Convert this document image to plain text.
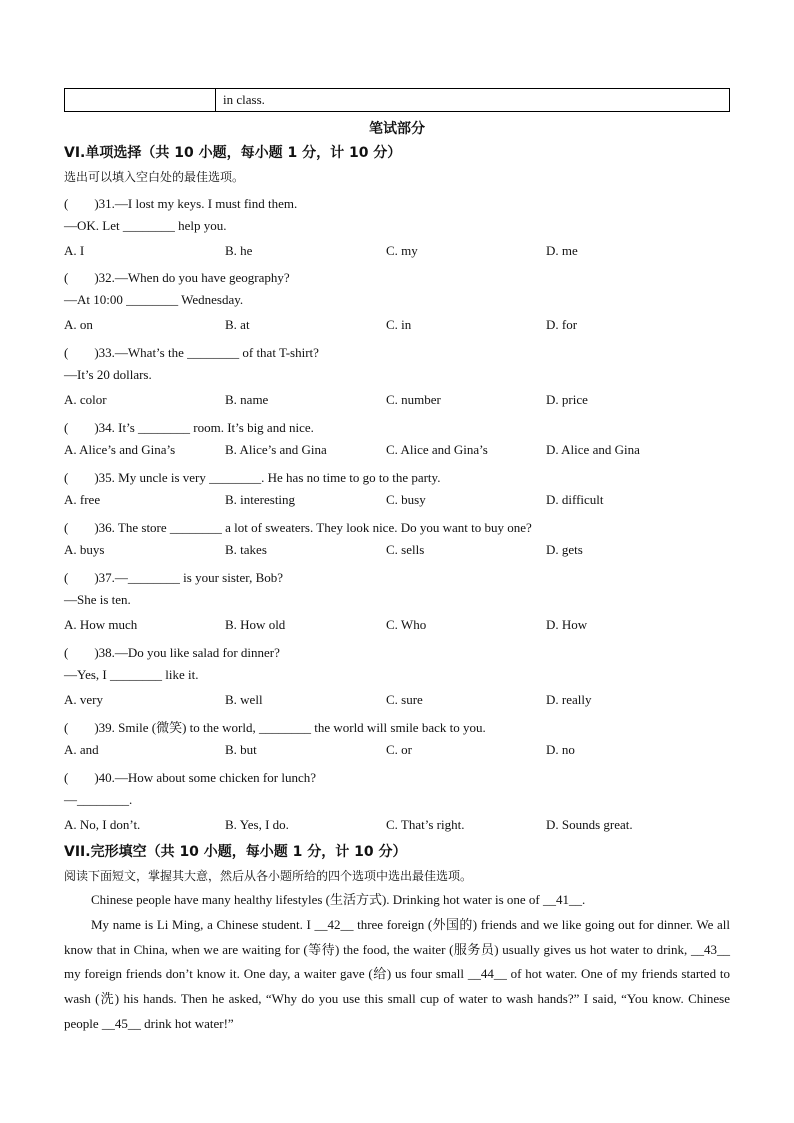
in class.
笔试部分
VI.单项选择（共 10 小题，每小题 1 分，计 10 分）
选出可以填入空白处的最佳选项。
(　　)31.—I lost my keys. I must find them.
—OK. Let ________ help you.
A. I	B. he	C. my	D. me
(　　)32.—When do you have geography?
—At 10:00 ________ Wednesday.
A. on	B. at	C. in	D. for
(　　)33.—What’s the ________ of that T-shirt?
—It’s 20 dollars.
A. color	B. name	C. number	D. price
(　　)34. It’s ________ room. It’s big and nice.
A. Alice’s and Gina’s	B. Alice’s and Gina	C. Alice and Gina’s	D. Alice and Gina
(　　)35. My uncle is very ________. He has no time to go to the party.
A. free	B. interesting	C. busy	D. difficult
(　　)36. The store ________ a lot of sweaters. They look nice. Do you want to buy one?
A. buys	B. takes	C. sells	D. gets
(　　)37.—________ is your sister, Bob?
—She is ten.
A. How much	B. How old	C. Who	D. How
(　　)38.—Do you like salad for dinner?
—Yes, I ________ like it.
A. very	B. well	C. sure	D. really
(　　)39. Smile (微笑) to the world, ________ the world will smile back to you.
A. and	B. but	C. or	D. no
(　　)40.—How about some chicken for lunch?
—________.
A. No, I don’t.	B. Yes, I do.	C. That’s right.	D. Sounds great.
VII.完形填空（共 10 小题，每小题 1 分，计 10 分）
阅读下面短文，掌握其大意，然后从各小题所给的四个选项中选出最佳选项。

Chinese people have many healthy lifestyles (生活方式). Drinking hot water is one of __41__.

My name is Li Ming, a Chinese student. I __42__ three foreign (外国的) friends and we like going out for dinner. We all know that in China, when we are waiting for (等待) the food, the waiter (服务员) usually gives us hot water to drink, __43__ my foreign friends don’t know it. One day, a waiter gave (给) us four small __44__ of hot water. One of my friends started to wash (洗) his hands. Then he asked, “Why do you use this small cup of water to wash hands?” I said, “You know. Chinese people __45__ drink hot water!”
